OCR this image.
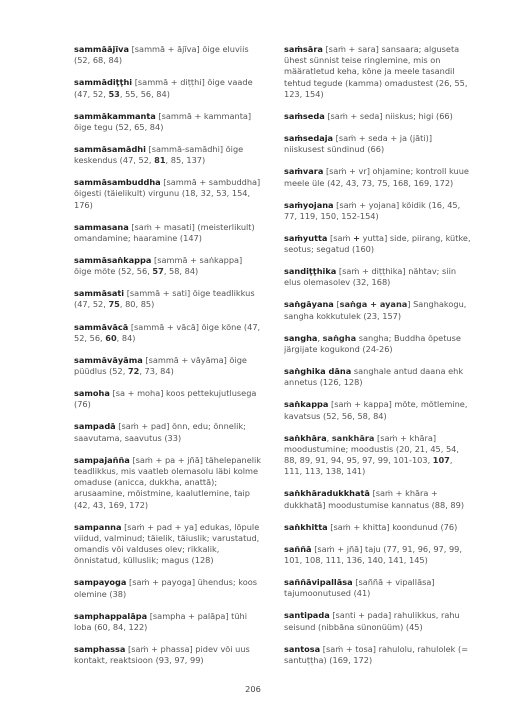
sammāājīva [sammā + ājīva] õige eluviis (52, 68, 84)
sammādiṭṭhi [sammā + diṭṭhi] õige vaade (47, 52, 53, 55, 56, 84)
sammākammanta [sammā + kammanta] õige tegu (52, 65, 84)
sammāsamādhi [sammā-samādhi] õige keskendus (47, 52, 81, 85, 137)
sammāsambuddha [sammā + sambuddha] õigesti (täielikult) virgunu (18, 32, 53, 154, 176)
sammasana [saṁ + masati] (meisterlikult) omandamine; haaramine (147)
sammāsaṅkappa [sammā + saṅkappa] õige mõte (52, 56, 57, 58, 84)
sammāsati [sammā + sati] õige teadlikkus (47, 52, 75, 80, 85)
sammāvācā [sammā + vācā] õige kõne (47, 52, 56, 60, 84)
sammāvāyāma [sammā + vāyāma] õige püüdlus (52, 72, 73, 84)
samoha [sa + moha] koos pettekujutlusega (76)
sampadā [saṁ + pad] õnn, edu; õnnelik; saavutama, saavutus (33)
sampajañña [saṁ + pa + jñā] tähelepanelik teadlikkus, mis vaatleb olemasolu läbi kolme omaduse (anicca, dukkha, anattā); arusaamine, mõistmine, kaalutlemine, taip (42, 43, 169, 172)
sampanna [saṁ + pad + ya] edukas, lõpule viidud, valminud; täielik, täiuslik; varustatud, omandis või valduses olev; rikkalik, õnnistatud, külluslik; magus (128)
sampayoga [saṁ + payoga] ühendus; koos olemine (38)
samphappalāpa [sampha + palāpa] tühi loba (60, 84, 122)
samphassa [saṁ + phassa] pidev või uus kontakt, reaktsioon (93, 97, 99)
saṁsāra [saṁ + sara] sansaara; alguseta ühest sünnist teise ringlemine, mis on määratletud keha, kõne ja meele tasandil tehtud tegude (kamma) omadustest (26, 55, 123, 154)
saṁseda [saṁ + seda] niiskus; higi (66)
saṁsedaja [saṁ + seda + ja (jāti)] niiskusest sündinud (66)
saṁvara [saṁ + vr] ohjamine; kontroll kuue meele üle (42, 43, 73, 75, 168, 169, 172)
saṁyojana [saṁ + yojana] köidik (16, 45, 77, 119, 150, 152-154)
saṁyutta [saṁ + yutta] side, piirang, kütke, seotus; segatud (160)
sandiṭṭhika [saṁ + diṭṭhika] nähtav; siin elus olemasolev (32, 168)
saṅgāyana [saṅga + ayana] Sanghakogu, sangha kokkutulek (23, 157)
sangha, saṅgha sangha; Buddha õpetuse järgijate kogukond (24-26)
saṅghika dāna sanghale antud daana ehk annetus (126, 128)
saṅkappa [saṁ + kappa] mõte, mõtlemine, kavatsus (52, 56, 58, 84)
saṅkhāra, sankhāra [saṁ + khāra] moodustumine; moodustis (20, 21, 45, 54, 88, 89, 91, 94, 95, 97, 99, 101-103, 107, 111, 113, 138, 141)
saṅkhāradukkhatā [saṁ + khāra + dukkhatā] moodustumise kannatus (88, 89)
saṅkhitta [saṁ + khitta] koondunud (76)
saññā [saṁ + jñā] taju (77, 91, 96, 97, 99, 101, 108, 111, 136, 140, 141, 145)
saññāvipallāsa [saññā + vipallāsa] tajumoonutused (41)
santipada [santi + pada] rahulikkus, rahu seisund (nibbāna sünonüüm) (45)
santosa [saṁ + tosa] rahulolu, rahulolek (= santuṭṭha) (169, 172)
206
